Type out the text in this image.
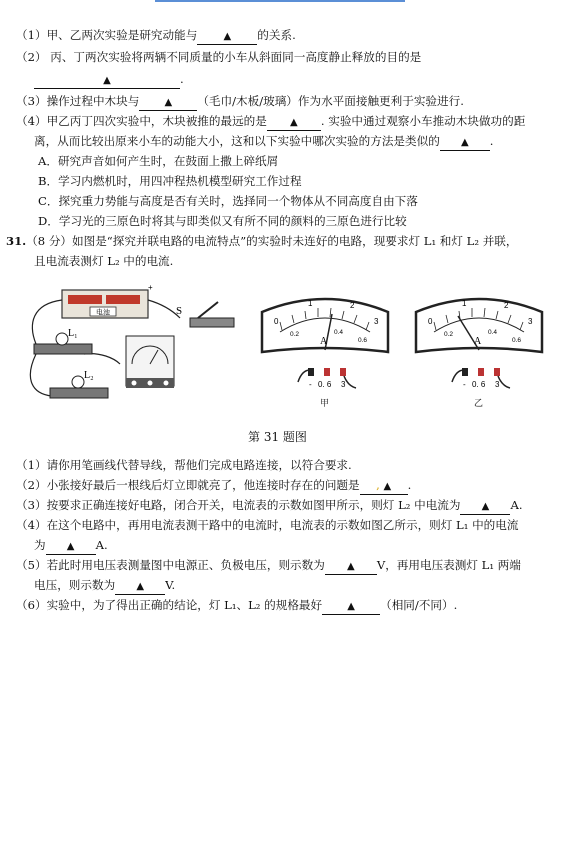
（1）甲、乙两次实验是研究动能与	▲ 的关系.
（2） 丙、丁两次实验将两辆不同质量的小车从斜面同一高度静止释放的目的是
▲	.
（3）操作过程中木块与	▲ （毛巾/木板/玻璃）作为水平面接触更利于实验进行.
（4）甲乙丙丁四次实验中，木块被推的最远的是 ▲ . 实验中通过观察小车推动木块做功的距
离，从而比较出原来小车的动能大小，这和以下实验中哪次实验的方法是类似的 ▲ .
A．研究声音如何产生时，在鼓面上撒上碎纸屑
B．学习内燃机时，用四冲程热机模型研究工作过程
C．探究重力势能与高度是否有关时，选择同一个物体从不同高度自由下落
D．学习光的三原色时将其与即类似又有所不同的颜料的三原色进行比较
31.（8 分）如图是“探究并联电路的电流特点”的实验时未连好的电路，现要求灯 L₁ 和灯 L₂ 并联，
且电流表测灯 L₂ 中的电流.
电池
+
L₁
L₂
S
0
1	2
3
0.2	0.4
0.6
A
- 0. 6 3
甲
0
1	2
3
0.2	0.4
0.6
A
- 0. 6 3
乙
第 31 题图
（1）请你用笔画线代替导线，帮他们完成电路连接，以符合要求.
（2）小张接好最后一根线后灯立即就亮了，他连接时存在的问题是 , ▲ .
（3）按要求正确连接好电路，闭合开关，电流表的示数如图甲所示，则灯 L₂ 中电流为 ▲ A.
（4）在这个电路中，再用电流表测干路中的电流时，电流表的示数如图乙所示，则灯 L₁ 中的电流
为 ▲ A.
（5）若此时用电压表测量图中电源正、负极电压，则示数为 ▲ V，再用电压表测灯 L₁ 两端
电压，则示数为 ▲ V.
（6）实验中，为了得出正确的结论，灯 L₁、L₂ 的规格最好	▲ （相同/不同）.
